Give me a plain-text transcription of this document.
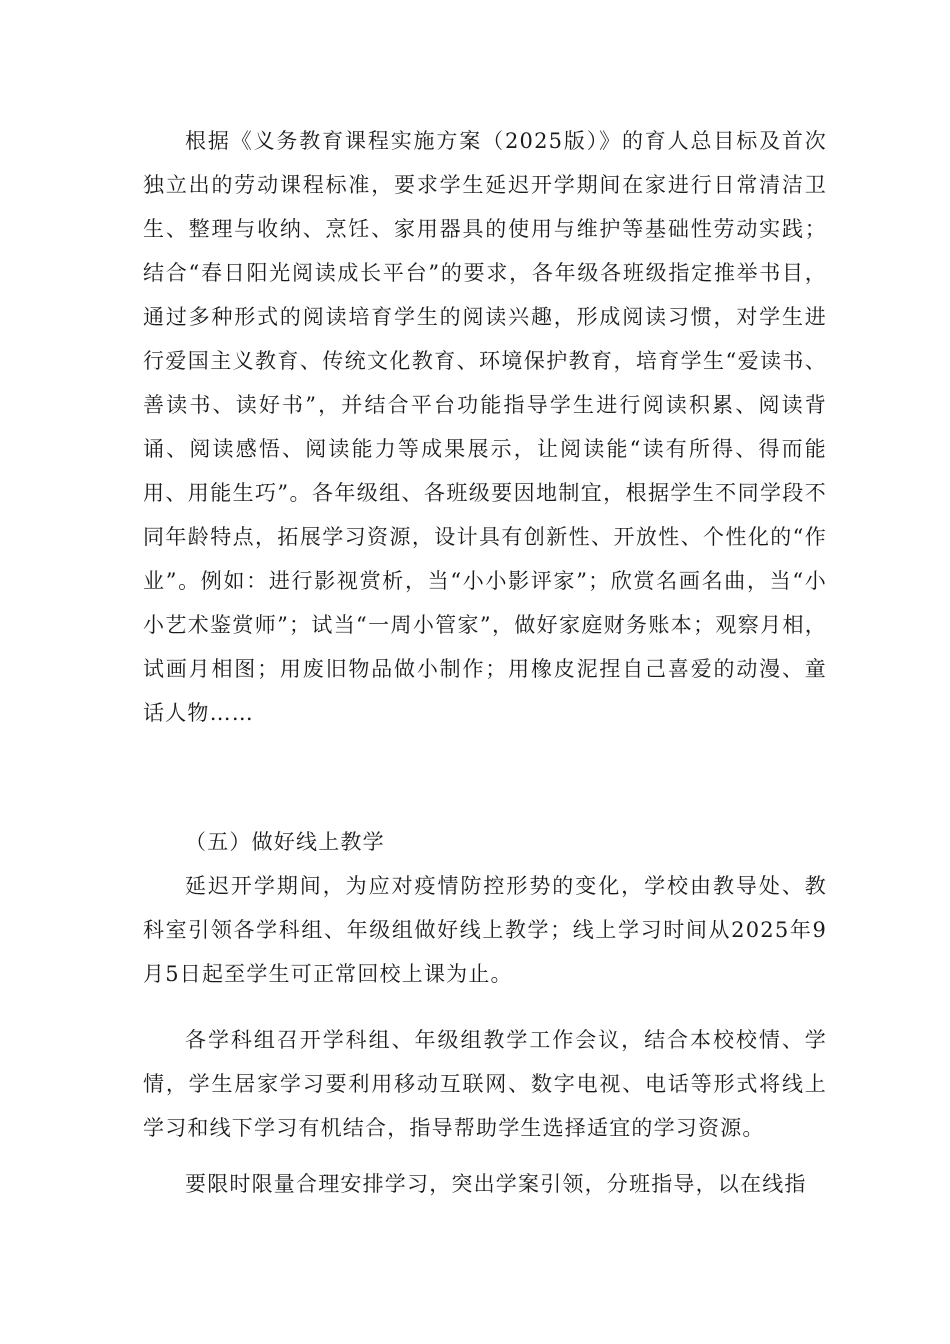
根据《义务教育课程实施方案（2025版）》的育人总目标及首次独立出的劳动课程标准，要求学生延迟开学期间在家进行日常清洁卫生、整理与收纳、烹饪、家用器具的使用与维护等基础性劳动实践；结合“春日阳光阅读成长平台”的要求，各年级各班级指定推举书目，通过多种形式的阅读培育学生的阅读兴趣，形成阅读习惯，对学生进行爱国主义教育、传统文化教育、环境保护教育，培育学生“爱读书、善读书、读好书”，并结合平台功能指导学生进行阅读积累、阅读背诵、阅读感悟、阅读能力等成果展示，让阅读能“读有所得、得而能用、用能生巧”。各年级组、各班级要因地制宜，根据学生不同学段不同年龄特点，拓展学习资源，设计具有创新性、开放性、个性化的“作业”。例如：进行影视赏析，当“小小影评家”；欣赏名画名曲，当“小小艺术鉴赏师”；试当“一周小管家”，做好家庭财务账本；观察月相，试画月相图；用废旧物品做小制作；用橡皮泥捏自己喜爱的动漫、童话人物……

（五）做好线上教学

延迟开学期间，为应对疫情防控形势的变化，学校由教导处、教科室引领各学科组、年级组做好线上教学；线上学习时间从2025年9月5日起至学生可正常回校上课为止。

各学科组召开学科组、年级组教学工作会议，结合本校校情、学情，学生居家学习要利用移动互联网、数字电视、电话等形式将线上学习和线下学习有机结合，指导帮助学生选择适宜的学习资源。

要限时限量合理安排学习，突出学案引领，分班指导，以在线指
